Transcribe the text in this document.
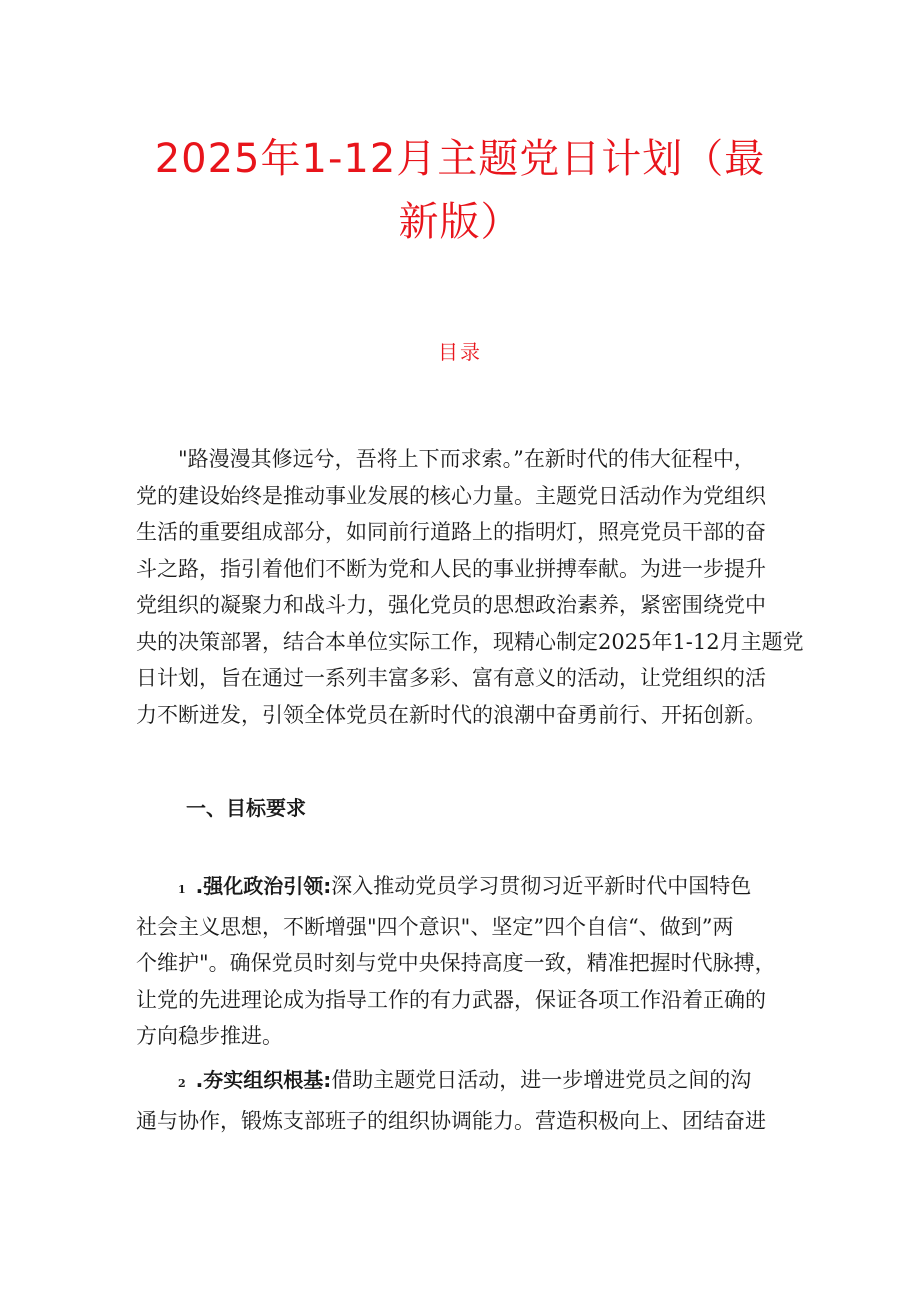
2025年1-12月主题党日计划（最
新版）
目录

"路漫漫其修远兮，吾将上下而求索。”在新时代的伟大征程中，
党的建设始终是推动事业发展的核心力量。主题党日活动作为党组织
生活的重要组成部分，如同前行道路上的指明灯，照亮党员干部的奋
斗之路，指引着他们不断为党和人民的事业拼搏奉献。为进一步提升
党组织的凝聚力和战斗力，强化党员的思想政治素养，紧密围绕党中
央的决策部署，结合本单位实际工作，现精心制定2025年1-12月主题党
日计划，旨在通过一系列丰富多彩、富有意义的活动，让党组织的活
力不断迸发，引领全体党员在新时代的浪潮中奋勇前行、开拓创新。

一、目标要求
1 .强化政治引领:深入推动党员学习贯彻习近平新时代中国特色
社会主义思想，不断增强"四个意识"、坚定”四个自信“、做到”两
个维护"。确保党员时刻与党中央保持高度一致，精准把握时代脉搏，
让党的先进理论成为指导工作的有力武器，保证各项工作沿着正确的
方向稳步推进。
2 .夯实组织根基:借助主题党日活动，进一步增进党员之间的沟
通与协作，锻炼支部班子的组织协调能力。营造积极向上、团结奋进
